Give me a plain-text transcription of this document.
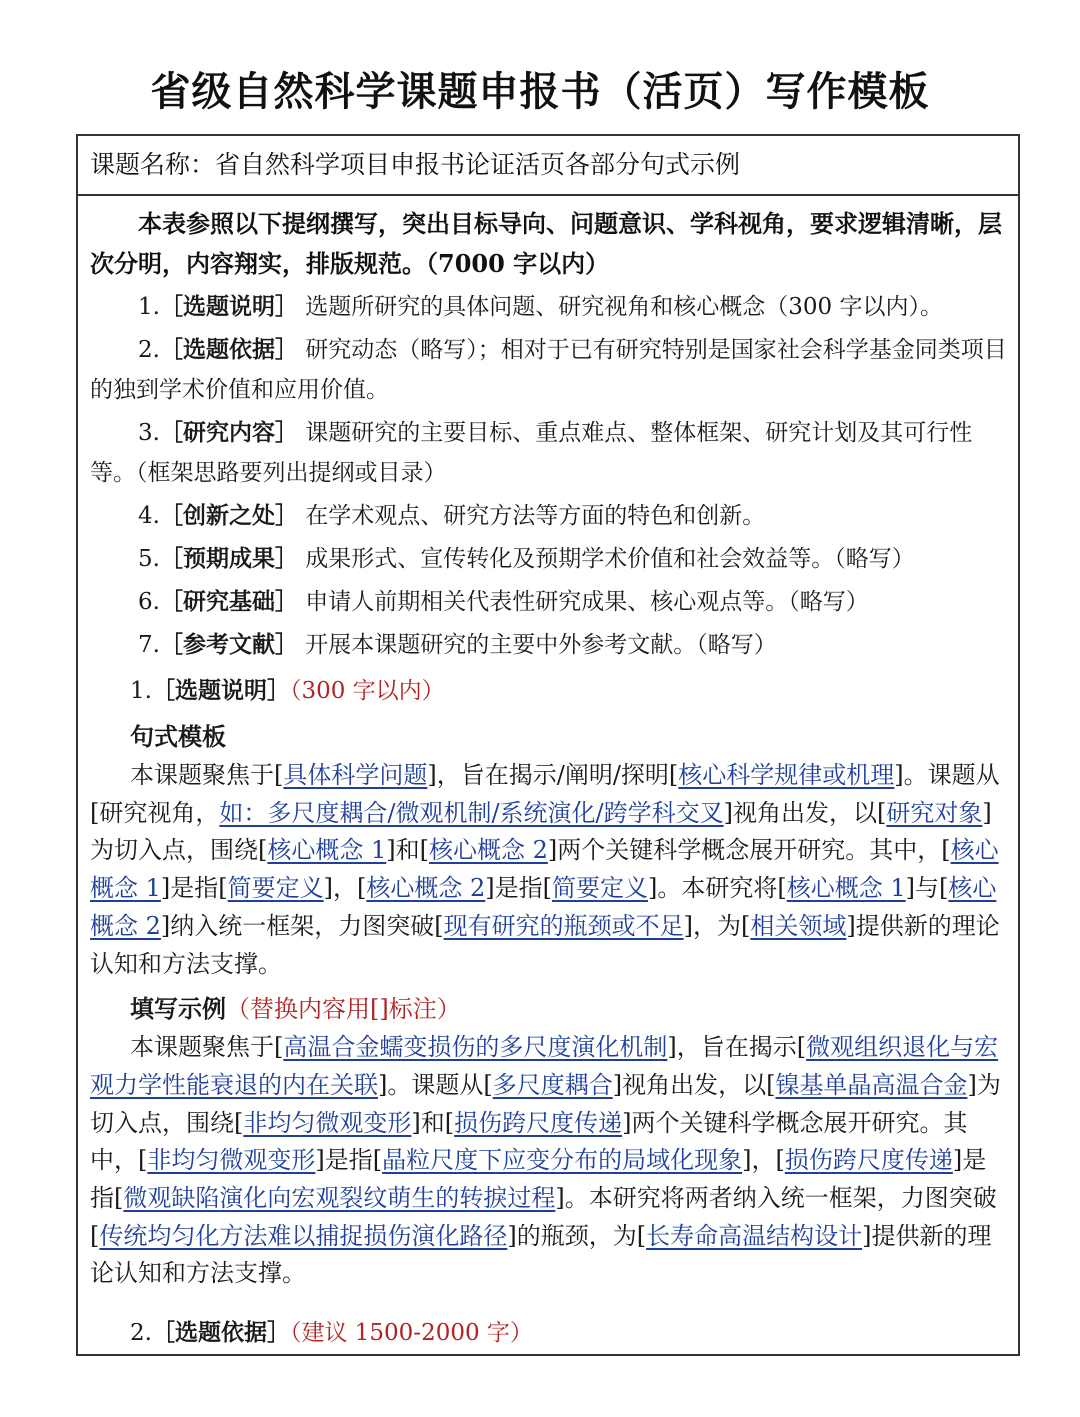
省级自然科学课题申报书（活页）写作模板
课题名称：省自然科学项目申报书论证活页各部分句式示例
本表参照以下提纲撰写，突出目标导向、问题意识、学科视角，要求逻辑清晰，层次分明，内容翔实，排版规范。（7000 字以内）
1.［选题说明］ 选题所研究的具体问题、研究视角和核心概念（300 字以内）。
2.［选题依据］ 研究动态（略写）；相对于已有研究特别是国家社会科学基金同类项目的独到学术价值和应用价值。
3.［研究内容］ 课题研究的主要目标、重点难点、整体框架、研究计划及其可行性等。（框架思路要列出提纲或目录）
4.［创新之处］ 在学术观点、研究方法等方面的特色和创新。
5.［预期成果］ 成果形式、宣传转化及预期学术价值和社会效益等。（略写）
6.［研究基础］ 申请人前期相关代表性研究成果、核心观点等。（略写）
7.［参考文献］ 开展本课题研究的主要中外参考文献。（略写）
1.［选题说明］（300 字以内）
句式模板
本课题聚焦于[具体科学问题]，旨在揭示/阐明/探明[核心科学规律或机理]。课题从[研究视角，如：多尺度耦合/微观机制/系统演化/跨学科交叉]视角出发，以[研究对象]为切入点，围绕[核心概念 1]和[核心概念 2]两个关键科学概念展开研究。其中，[核心概念 1]是指[简要定义]，[核心概念 2]是指[简要定义]。本研究将[核心概念 1]与[核心概念 2]纳入统一框架，力图突破[现有研究的瓶颈或不足]，为[相关领域]提供新的理论认知和方法支撑。
填写示例（替换内容用[]标注）
本课题聚焦于[高温合金蠕变损伤的多尺度演化机制]，旨在揭示[微观组织退化与宏观力学性能衰退的内在关联]。课题从[多尺度耦合]视角出发，以[镍基单晶高温合金]为切入点，围绕[非均匀微观变形]和[损伤跨尺度传递]两个关键科学概念展开研究。其中，[非均匀微观变形]是指[晶粒尺度下应变分布的局域化现象]，[损伤跨尺度传递]是指[微观缺陷演化向宏观裂纹萌生的转捩过程]。本研究将两者纳入统一框架，力图突破[传统均匀化方法难以捕捉损伤演化路径]的瓶颈，为[长寿命高温结构设计]提供新的理论认知和方法支撑。
2.［选题依据］（建议 1500-2000 字）
